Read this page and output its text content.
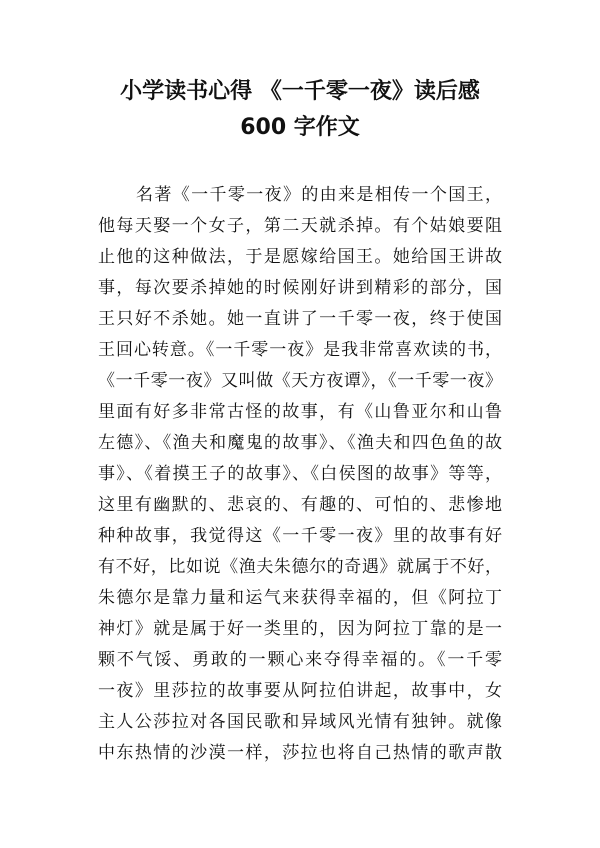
小学读书心得 《一千零一夜》读后感
600 字作文
名著《一千零一夜》的由来是相传一个国王，
他每天娶一个女子，第二天就杀掉。有个姑娘要阻
止他的这种做法，于是愿嫁给国王。她给国王讲故
事，每次要杀掉她的时候刚好讲到精彩的部分，国
王只好不杀她。她一直讲了一千零一夜，终于使国
王回心转意。《一千零一夜》是我非常喜欢读的书，
《一千零一夜》又叫做《天方夜谭》，《一千零一夜》
里面有好多非常古怪的故事，有《山鲁亚尔和山鲁
左德》、《渔夫和魔鬼的故事》、《渔夫和四色鱼的故
事》、《着摸王子的故事》、《白侯图的故事》等等，
这里有幽默的、悲哀的、有趣的、可怕的、悲惨地
种种故事，我觉得这《一千零一夜》里的故事有好
有不好，比如说《渔夫朱德尔的奇遇》就属于不好，
朱德尔是靠力量和运气来获得幸福的，但《阿拉丁
神灯》就是属于好一类里的，因为阿拉丁靠的是一
颗不气馁、勇敢的一颗心来夺得幸福的。《一千零
一夜》里莎拉的故事要从阿拉伯讲起，故事中，女
主人公莎拉对各国民歌和异域风光情有独钟。就像
中东热情的沙漠一样，莎拉也将自己热情的歌声散
